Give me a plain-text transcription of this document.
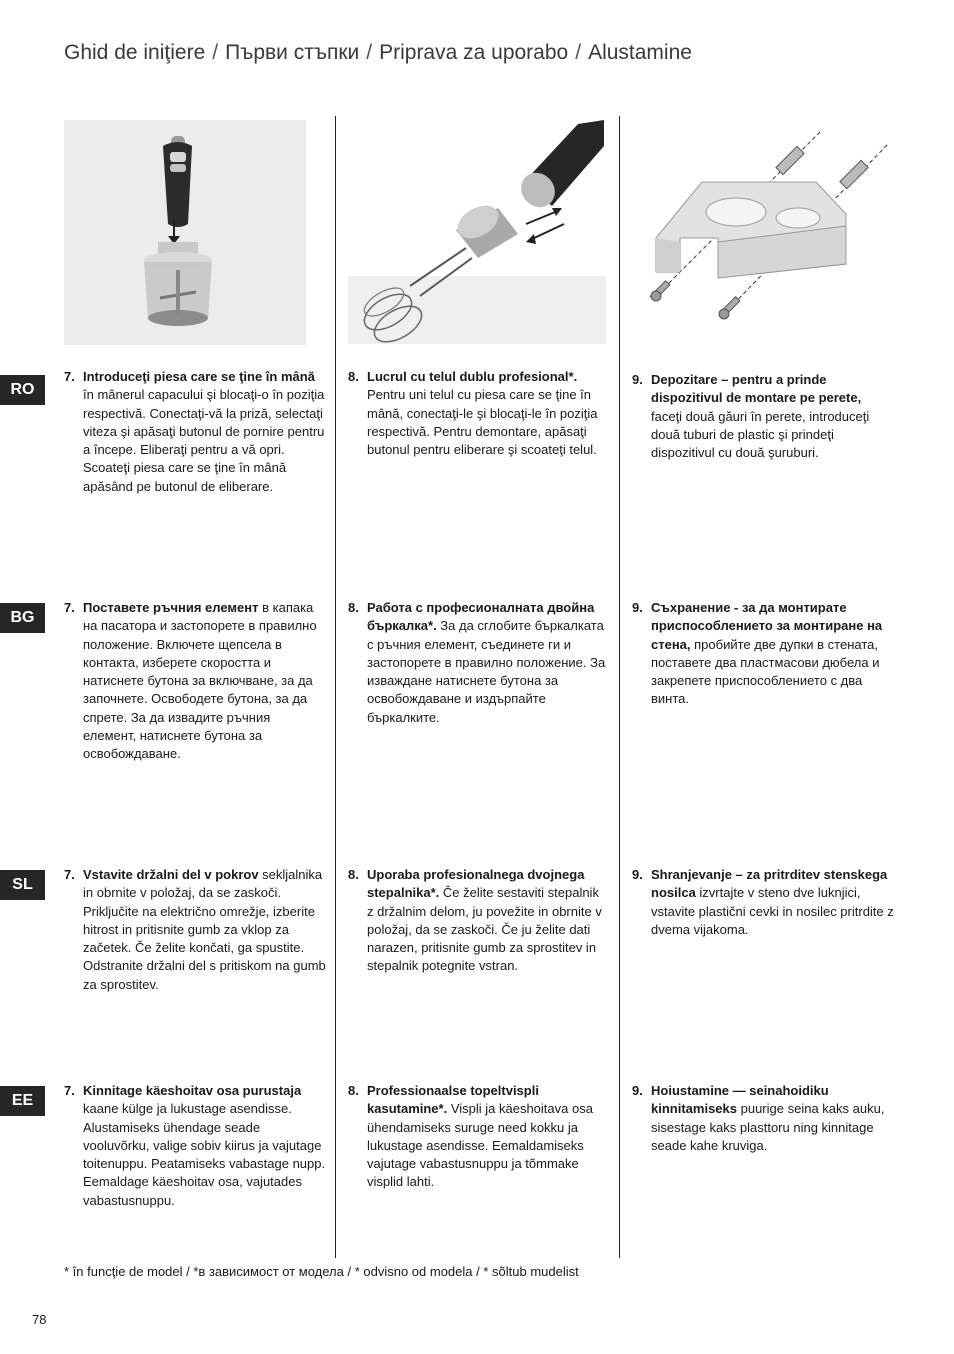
Ghid de iniţiere / Първи стъпки / Priprava za uporabo / Alustamine
RO
BG
SL
EE
7. Introduceţi piesa care se ţine în mână în mânerul capacului şi blocaţi-o în poziţia respectivă. Conectaţi-vă la priză, selectaţi viteza şi apăsaţi butonul de pornire pentru a începe. Eliberaţi pentru a vă opri. Scoateţi piesa care se ţine în mână apăsând pe butonul de eliberare.
8. Lucrul cu telul dublu profesional*. Pentru uni telul cu piesa care se ţine în mână, conectaţi-le şi blocaţi-le în poziţia respectivă. Pentru demontare, apăsaţi butonul pentru eliberare şi scoateţi telul.
9. Depozitare – pentru a prinde dispozitivul de montare pe perete, faceţi două găuri în perete, introduceţi două tuburi de plastic şi prindeţi dispozitivul cu două şuruburi.
7. Поставете ръчния елемент в капака на пасатора и застопорете в правилно положение. Включете щепсела в контакта, изберете скоростта и натиснете бутона за включване, за да започнете. Освободете бутона, за да спрете. За да извадите ръчния елемент, натиснете бутона за освобождаване.
8. Работа с професионалната двойна бъркалка*. За да сглобите бъркалката с ръчния елемент, съединете ги и застопорете в правилно положение. За изваждане натиснете бутона за освобождаване и издърпайте бъркалките.
9. Съхранение - за да монтирате приспособлението за монтиране на стена, пробийте две дупки в стената, поставете два пластмасови дюбела и закрепете приспособлението с два винта.
7. Vstavite držalni del v pokrov sekljalnika in obrnite v položaj, da se zaskoči. Priključite na električno omrežje, izberite hitrost in pritisnite gumb za vklop za začetek. Če želite končati, ga spustite. Odstranite držalni del s pritiskom na gumb za sprostitev.
8. Uporaba profesionalnega dvojnega stepalnika*. Če želite sestaviti stepalnik z držalnim delom, ju povežite in obrnite v položaj, da se zaskoči. Če ju želite dati narazen, pritisnite gumb za sprostitev in stepalnik potegnite vstran.
9. Shranjevanje – za pritrditev stenskega nosilca izvrtajte v steno dve luknjici, vstavite plastični cevki in nosilec pritrdite z dvema vijakoma.
7. Kinnitage käeshoitav osa purustaja kaane külge ja lukustage asendisse. Alustamiseks ühendage seade vooluvõrku, valige sobiv kiirus ja vajutage toitenuppu. Peatamiseks vabastage nupp. Eemaldage käeshoitav osa, vajutades vabastusnuppu.
8. Professionaalse topeltvispli kasutamine*. Vispli ja käeshoitava osa ühendamiseks suruge need kokku ja lukustage asendisse. Eemaldamiseks vajutage vabastusnuppu ja tõmmake visplid lahti.
9. Hoiustamine — seinahoidiku kinnitamiseks puurige seina kaks auku, sisestage kaks plasttoru ning kinnitage seade kahe kruviga.
* în funcţie de model / *в зависимост от модела / * odvisno od modela / * sõltub mudelist
78
